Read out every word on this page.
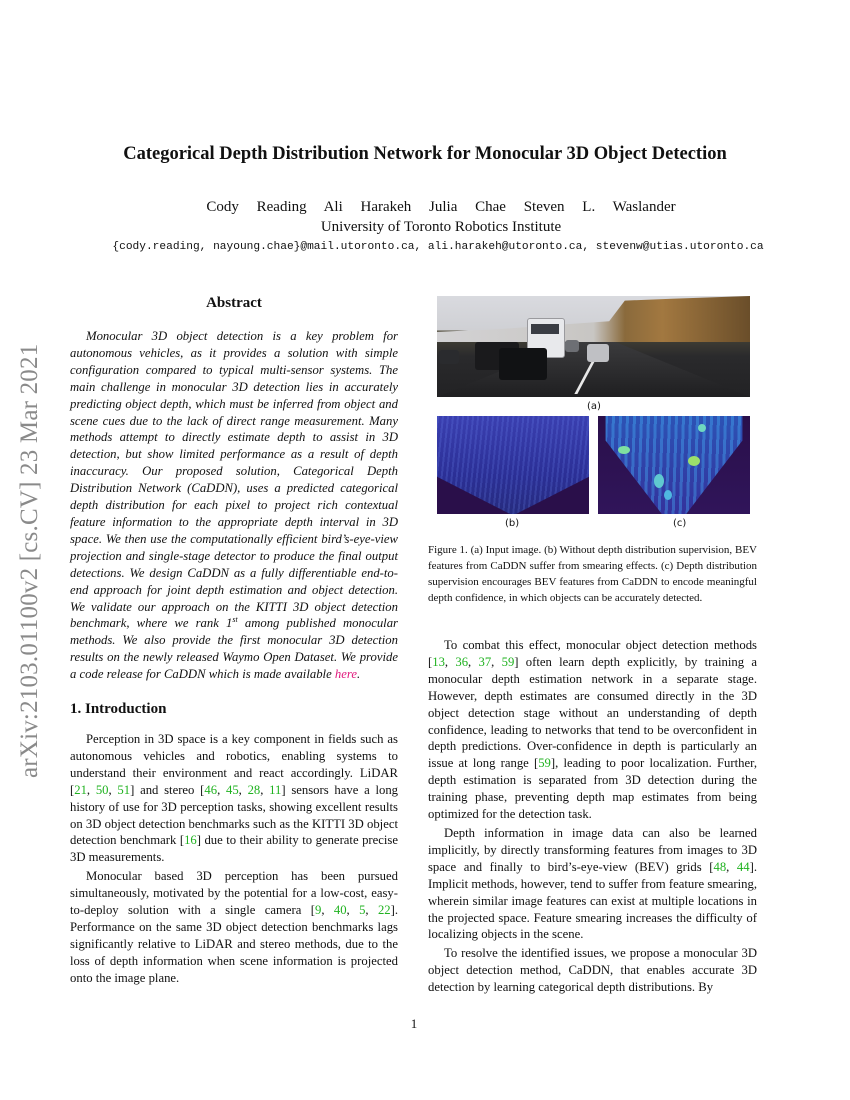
arXiv:2103.01100v2 [cs.CV] 23 Mar 2021
Categorical Depth Distribution Network for Monocular 3D Object Detection
Cody Reading Ali Harakeh Julia Chae Steven L. Waslander
University of Toronto Robotics Institute
{cody.reading, nayoung.chae}@mail.utoronto.ca, ali.harakeh@utoronto.ca, stevenw@utias.utoronto.ca
Abstract

Monocular 3D object detection is a key problem for autonomous vehicles, as it provides a solution with simple configuration compared to typical multi-sensor systems. The main challenge in monocular 3D detection lies in accurately predicting object depth, which must be inferred from object and scene cues due to the lack of direct range measurement. Many methods attempt to directly estimate depth to assist in 3D detection, but show limited performance as a result of depth inaccuracy. Our proposed solution, Categorical Depth Distribution Network (CaDDN), uses a predicted categorical depth distribution for each pixel to project rich contextual feature information to the appropriate depth interval in 3D space. We then use the computationally efficient bird’s-eye-view projection and single-stage detector to produce the final output detections. We design CaDDN as a fully differentiable end-to-end approach for joint depth estimation and object detection. We validate our approach on the KITTI 3D object detection benchmark, where we rank 1st among published monocular methods. We also provide the first monocular 3D detection results on the newly released Waymo Open Dataset. We provide a code release for CaDDN which is made available here.

1. Introduction

Perception in 3D space is a key component in fields such as autonomous vehicles and robotics, enabling systems to understand their environment and react accordingly. LiDAR [21, 50, 51] and stereo [46, 45, 28, 11] sensors have a long history of use for 3D perception tasks, showing excellent results on 3D object detection benchmarks such as the KITTI 3D object detection benchmark [16] due to their ability to generate precise 3D measurements.

Monocular based 3D perception has been pursued simultaneously, motivated by the potential for a low-cost, easy-to-deploy solution with a single camera [9, 40, 5, 22]. Performance on the same 3D object detection benchmarks lags significantly relative to LiDAR and stereo methods, due to the loss of depth information when scene information is projected onto the image plane.

(a)
(b)	(c)
Figure 1. (a) Input image. (b) Without depth distribution supervision, BEV features from CaDDN suffer from smearing effects. (c) Depth distribution supervision encourages BEV features from CaDDN to encode meaningful depth confidence, in which objects can be accurately detected.

To combat this effect, monocular object detection methods [13, 36, 37, 59] often learn depth explicitly, by training a monocular depth estimation network in a separate stage. However, depth estimates are consumed directly in the 3D object detection stage without an understanding of depth confidence, leading to networks that tend to be overconfident in depth predictions. Over-confidence in depth is particularly an issue at long range [59], leading to poor localization. Further, depth estimation is separated from 3D detection during the training phase, preventing depth map estimates from being optimized for the detection task.

Depth information in image data can also be learned implicitly, by directly transforming features from images to 3D space and finally to bird’s-eye-view (BEV) grids [48, 44]. Implicit methods, however, tend to suffer from feature smearing, wherein similar image features can exist at multiple locations in the projected space. Feature smearing increases the difficulty of localizing objects in the scene.

To resolve the identified issues, we propose a monocular 3D object detection method, CaDDN, that enables accurate 3D detection by learning categorical depth distributions. By

1
